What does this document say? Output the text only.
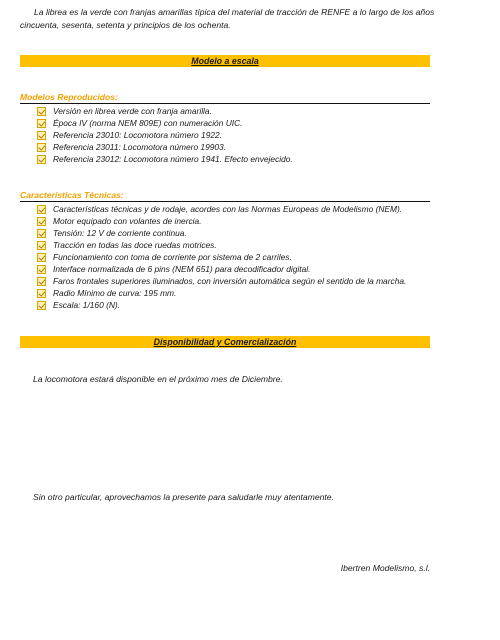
La librea es la verde con franjas amarillas típica del material de tracción de RENFE a lo largo de los años cincuenta, sesenta, setenta y principios de los ochenta.
Modelo a escala
Modelos Reproducidos:
Versión en librea verde con franja amarilla.
Época IV (norma NEM 809E) con numeración UIC.
Referencia 23010: Locomotora número 1922.
Referencia 23011: Locomotora número 19903.
Referencia 23012: Locomotora número 1941. Efecto envejecido.
Características Técnicas:
Características técnicas y de rodaje, acordes con las Normas Europeas de Modelismo (NEM).
Motor equipado con volantes de inercia.
Tensión: 12 V de corriente continua.
Tracción en todas las doce ruedas motrices.
Funcionamiento con toma de corriente por sistema de 2 carriles.
Interface normalizada de 6 pins (NEM 651) para decodificador digital.
Faros frontales superiores iluminados, con inversión automática según el sentido de la marcha.
Radio Mínimo de curva: 195 mm.
Escala: 1/160 (N).
Disponibilidad y Comercialización
La locomotora estará disponible en el próximo mes de Diciembre.
Sin otro particular, aprovechamos la presente para saludarle muy atentamente.
Ibertren Modelismo, s.l.
